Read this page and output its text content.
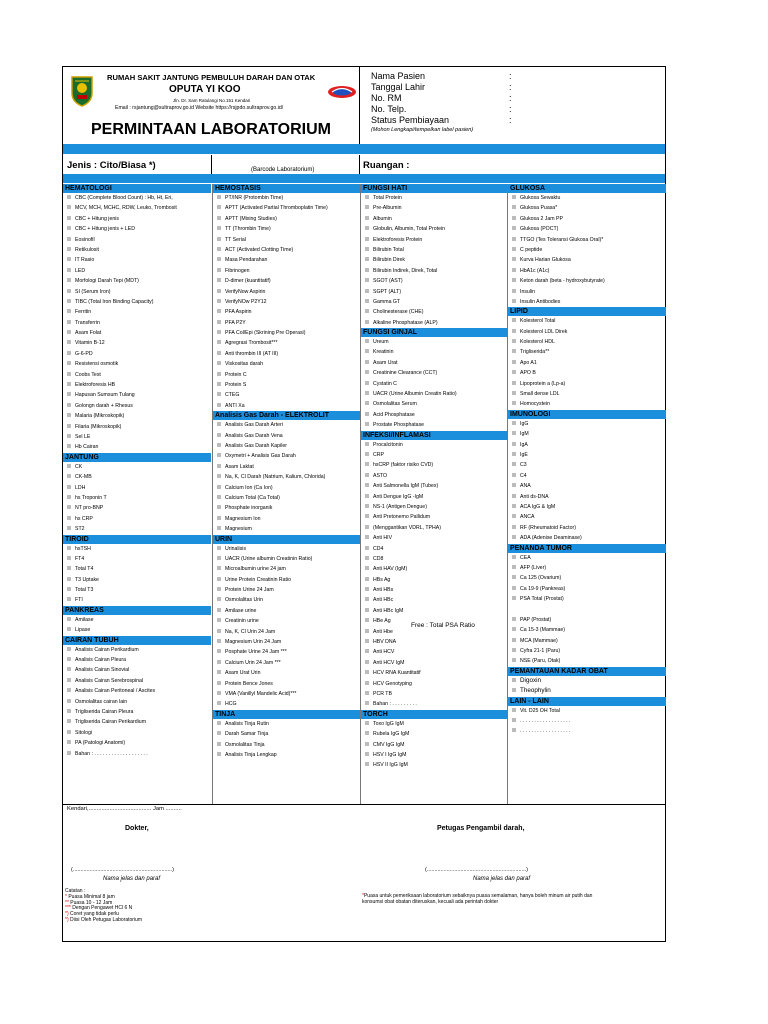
RUMAH SAKIT JANTUNG PEMBULUH DARAH DAN OTAK
OPUTA YI KOO
Jln. Dr. Sam Ratulangi No.151 Kendari
Email : rsjantung@sultraprov.go.id Website https://rsjpdo.sultraprov.go.id/
PERMINTAAN LABORATORIUM
Nama Pasien	:
Tanggal Lahir	:
No. RM	:
No. Telp.	:
Status Pembiayaan	:
(Mohon Lengkapi/tempelkan label pasien)
Jenis : Cito/Biasa *)	(Barcode Laboratorium)	Ruangan :
HEMATOLOGI
CBC (Complete Blood Count) : Hb, Ht, Eri,
MCV, MCH, MCHC, RDW, Leuko, Trombosit
CBC + Hitung jenis
CBC + Hitung jenis + LED
Eosinofil
Retikulosit
IT Rasio
LED
Morfologi Darah Tepi (MDT)
SI (Serum Iron)
TIBC (Total Iron Binding Capacity)
Ferritin
Transferrin
Asam Folat
Vitamin B-12
G-6-PD
Resistensi osmotik
Coobs Test
Elektroforesis HB
Hapusan Sumsum Tulang
Golongn darah + Rhesus
Malaria (Mikroskopik)
Filaria (Mikroskopik)
Sel LE
Hb Cairan
JANTUNG
CK
CK-MB
LDH
hs Troponin T
NT pro-BNP
hs CRP
ST2
TIROID
hsTSH
FT4
Total T4
T3 Uptake
Total T3
FTI
PANKREAS
Amilase
Lipase
CAIRAN TUBUH
Analisis Cairan Perikardium
Analisis Cairan Pleura
Analisis Cairan Sinovial
Analisis Cairan Serebrospinal
Analisis Cairan Peritoneal / Ascites
Osmolalitas cairan lain
Trigliserida Cairan Pleura
Trigliserida Cairan Perikardium
Sitologi
PA (Patologi Anatomi)
Bahan : . . . . . . . . . . . . . . . . . . .
HEMOSTASIS
PT/INR (Protombin Time)
APTT (Activated Partial Thromboplatin Time)
APTT (Mixing Studies)
TT (Thrombin Time)
TT Serial
ACT (Activated Clotting Time)
Masa Pendarahan
Fibrinogen
D-dimer (kuantitatif)
VerifyNow Aspirin
VerifyNOw P2Y12
PFA Aspirin
PFA P2Y
PFA Col/Epi (Skrining Pre Operasi)
Agregrasi Trombosit***
Anti thrombin III (AT III)
Viskositas darah
Protein C
Protein S
CTEG
ANTI Xa
Analisis Gas Darah - ELEKTROLIT
Analisis Gas Darah Arteri
Analisis Gas Darah Vena
Analisis Gas Darah Kapiler
Oxymetri + Analisis Gas Darah
Asam Laktat
Na, K, Cl Darah (Natrium, Kalium, Chlorida)
Calcium Ion (Ca Ion)
Calcium Total (Ca Total)
Phosphate inorganik
Magnesium Ion
Magnesium
URIN
Urinalisis
UACR (Urine albumin Creatinin Ratio)
Microalbumin urine 24 jam
Urine Protein Creatinin Ratio
Protein Urine 24 Jam
Osmolalitas Urin
Amilase urine
Creatinin urine
Na, K, Cl Urin 24 Jam
Magnesium Urin 24 Jam
Posphate Urine 24 Jam ***
Calcium Urin 24 Jam ***
Asam Urat Urin
Protein Bence Jones
VMA (Vanillyl Mandelic Acid)***
HCG
TINJA
Analisis Tinja Rutin
Darah Samar Tinja
Osmolalitas Tinja
Analisis Tinja Lengkap
FUNGSI HATI
Total Protein
Pre-Albumin
Albumin
Globulin, Albumin, Total Protein
Elektroforesis Protein
Bilirubin Total
Bilirubin Direk
Bilirubin Indirek, Direk, Total
SGOT (AST)
SGPT (ALT)
Gamma GT
Cholinesterase (CHE)
Alkaline Phosphatase (ALP)
FUNGSI GINJAL
Ureum
Kreatinin
Asam Urat
Creatinine Clearance (CCT)
Cystatin C
UACR (Urine Albumin Creatin Ratio)
Osmolalitas Serum
Acid Phosphatase
Prostate Phosphatase
INFEKSI/INFLAMASI
Procalcitonin
CRP
hsCRP (faktor risiko CVD)
ASTO
Anti Salmonella IgM (Tubex)
Anti Dengue IgG -IgM
NS-1 (Antigen Dengue)
Anti Pretonemo Pallidum
(Menggantikan VDRL, TPHA)
Anti HIV
CD4
CD8
Anti HAV (IgM)
HBs Ag
Anti HBs
Anti HBc
Anti HBc IgM
HBe Ag
Anti Hbe
HBV DNA
Anti HCV
Anti HCV IgM
HCV RNA Kuantitatif
HCV Genotyping
PCR TB
Bahan : . . . . . . . . .
TORCH
Toxo IgG IgM
Rubela IgG IgM
CMV IgG IgM
HSV I IgG IgM
HSV II IgG IgM
GLUKOSA
Glukosa Sewaktu
Glukosa Puasa*
Glukosa 2 Jam PP
Glukosa (POCT)
TTGO (Tes Toleransi Glukosa Oral)*
C peptide
Kurva Harian Glukosa
HbA1c (A1c)
Keton darah (beta - hydroxybutyrate)
Insulin
Insulin Antibodies
LIPID
Kolesterol Total
Kolesterol LDL Direk
Kolesterol HDL
Trigliserida**
Apo A1
APO B
Lipoprotein a (Lp-a)
Small dense LDL
Homocystein
IMUNOLOGI
IgG
IgM
IgA
IgE
C3
C4
ANA
Anti ds-DNA
ACA IgG & IgM
ANCA
RF (Rheumatoid Factor)
ADA (Adenise Deaminase)
PENANDA TUMOR
CEA
AFP (Liver)
Ca 125 (Ovarium)
Ca 19-9 (Pankreas)
PSA Total (Prostat)
PAP (Prostat)
Ca 15-3 (Mammae)
MCA (Mammae)
Cyfra 21-1 (Paru)
NSE (Paru, Otak)
PEMANTAUAN KADAR OBAT
Digoxin
Theophylin
LAIN - LAIN
Vit. D25 OH Total
. . . . . . . . . . . . . . . . . .
. . . . . . . . . . . . . . . . . .
Free : Total PSA Ratio
Kendari,....................................... Jam ..........
Dokter,	Petugas Pengambil darah,
(.................................................................)	(.................................................................)
Nama jelas dan paraf	Nama jelas dan paraf
Catatan :
* Puasa Minimal 8 jam
** Puasa 10 - 12 Jam
*** Dengan Pengawet HCl 6 N
*) Coret yang tidak perlu
*) Diisi Oleh Petugas Laboratorium
*Puasa untuk pemeriksaan laboratorium sebaiknya puasa semalaman, hanya boleh minum air putih dan konsumsi obat obatan diteruskan, kecuali ada perintah dokter
